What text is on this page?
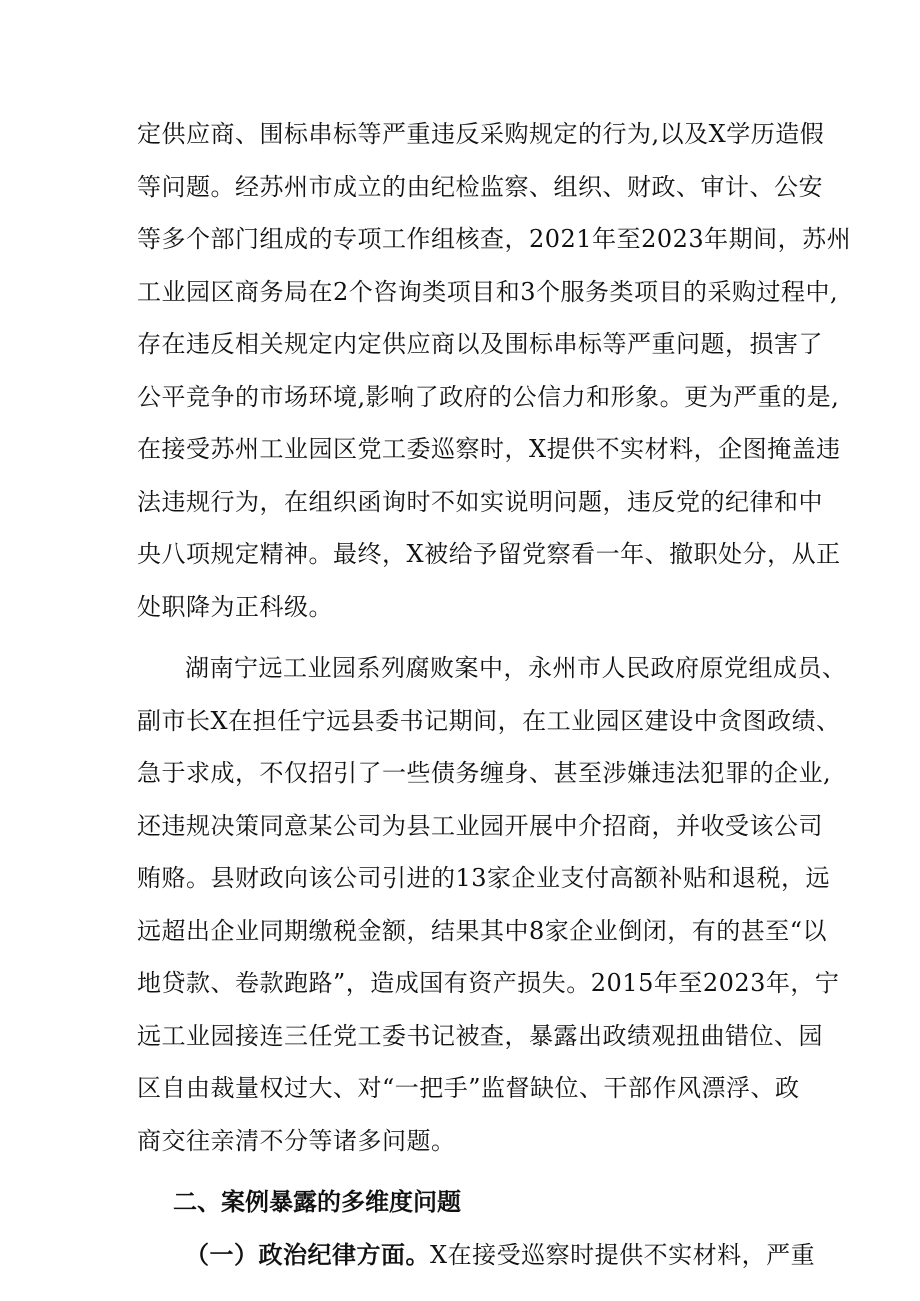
定供应商、围标串标等严重违反采购规定的行为,以及X学历造假
等问题。经苏州市成立的由纪检监察、组织、财政、审计、公安
等多个部门组成的专项工作组核查，2021年至2023年期间，苏州
工业园区商务局在2个咨询类项目和3个服务类项目的采购过程中,
存在违反相关规定内定供应商以及围标串标等严重问题，损害了
公平竞争的市场环境,影响了政府的公信力和形象。更为严重的是,
在接受苏州工业园区党工委巡察时，X提供不实材料，企图掩盖违
法违规行为，在组织函询时不如实说明问题，违反党的纪律和中
央八项规定精神。最终，X被给予留党察看一年、撤职处分，从正
处职降为正科级。
湖南宁远工业园系列腐败案中，永州市人民政府原党组成员、
副市长X在担任宁远县委书记期间，在工业园区建设中贪图政绩、
急于求成，不仅招引了一些债务缠身、甚至涉嫌违法犯罪的企业,
还违规决策同意某公司为县工业园开展中介招商，并收受该公司
贿赂。县财政向该公司引进的13家企业支付高额补贴和退税，远
远超出企业同期缴税金额，结果其中8家企业倒闭，有的甚至“以
地贷款、卷款跑路”，造成国有资产损失。2015年至2023年，宁
远工业园接连三任党工委书记被查，暴露出政绩观扭曲错位、园
区自由裁量权过大、对“一把手”监督缺位、干部作风漂浮、政
商交往亲清不分等诸多问题。
二、案例暴露的多维度问题
（一）政治纪律方面。X在接受巡察时提供不实材料，严重
